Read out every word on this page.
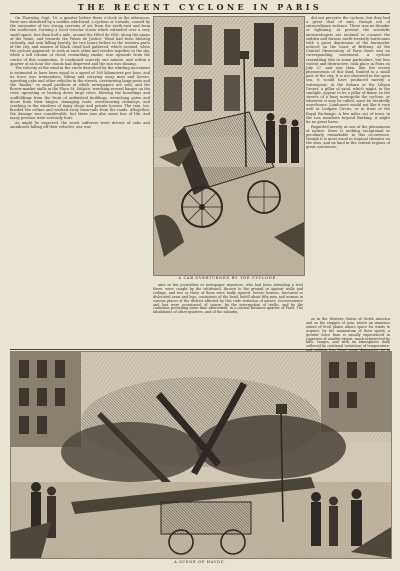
THE RECENT CYCLONE IN PARIS

On Thursday, Sept. 10, a quarter before three o'clock in the afternoon, Paris was disturbed by a sudden whirlwind, a cyclone or tornado, caused by the encounter of two strong currents of air, from the north-east and from the south-east, forming a local circular storm which extended over a very small space; less than half a mile, around the Hôtel de Ville, along the quays of the Seine, and towards the Palais de Justice. Wind had been blowing violently, and rain falling heavily, for two hours before in the western parts of the city, and masses of black cloud had gathered, which seemed, when the cyclone appeared, to rush at each other and revolve together in the sky, while a tall column of cloud, resembling smoke, rose upwards from the centre of this commotion. It continued scarcely one minute, and within a quarter of an hour the clouds had dispersed and the sun was shining.

The velocity of the wind in the circle described by the whirling movement is estimated to have been equal to a speed of 160 kilometres per hour, and its force was tremendous; lifting and carrying away men and horses, upsetting cabs and other vehicles in the streets, overturning lamp-posts and the "kiosks," or small pavilions at which newspapers are sold, and the flower-market stalls in the Place St. Sulpice; wrecking several barges on the river, uprooting or beating down large trees, blowing the hoardings and scaffoldings from the front of unfinished buildings, wrenching gates and doors from their hinges, damaging roofs, overthrowing chimneys, and crashing in the windows of many shops and private houses. The rain, too, flooded the cellars and washed away tram-rails from the roads. Altogether, the damage was considerable, but there was also some loss of life, and many persons were seriously hurt.

As might be expected, the worst sufferers were drivers of cabs and omnibuses falling off their vehicles; one was

did not perceive the cyclone, but they had a great deal of rain, though not of extraordinary violence. There was no thunder or lightning. At present the scientific meteorologists are inclined to connect the sudden and furious north-westerly hurricanes with a great depression of the barometer noticed on the coast of Brittany. At the Central Observatory of Paris there was no corresponding movement. A cyclone resembling this in some particulars, but less violent and destructive, took place in Paris on July 27, and was then, like the recent phenomenon of this kind, limited to a small part of the city. It is not observed in the open sea, it would have produced merely a waterspout; in the Sahara or the Libyan Desert, a pillar of sand, which might, in the sunlight, appear to be a pillar of flame. In the streets of a busy metropolis the cyclone, or whatever it may be called, must be decidedly unwelcome. Londoners would not like it very well at Ludgate Circus, or in front of the Royal Exchange. A few miles out of town, in the Lea meadows beyond Barking, it might be no great harm.

Regarded merely as one of the phenomena of nature, there is nothing exceptional or peculiarly remarkable in this occurrence, though it is most usual in tropical climates on the seas, and on land in the central regions of great continents,

A CAB OVERTURNED BY THE CYCLONE.

nine or ten journalists or newspaper reporters, who had been attending a trial there, were caught by the whirlwind, thrown to the ground or against walls and railings, and two or three of them were badly injured. Severe bruises, fractured or dislocated arms and legs, contusions of the head, befell about fifty men and women in various places of the district affected by this rude visitation of nature. Inconvenience and loss were occasioned, of course, by the interruption of traffic, and by the confusion prevailing some time afterwards, in a central business quarter of Paris. The inhabitants of other quarters, and of the suburbs,

as in the Western States of North America and on the steppes of Asia, where an immense extent of level plains allows space for winds to acquire, by the momentum of their speed, a greater force than is usually experienced in countries of smaller extent, much intersected by hills, ranges, and with an atmosphere daily softened by continual variations of temperature,

A SCENE OF HAVOC.
